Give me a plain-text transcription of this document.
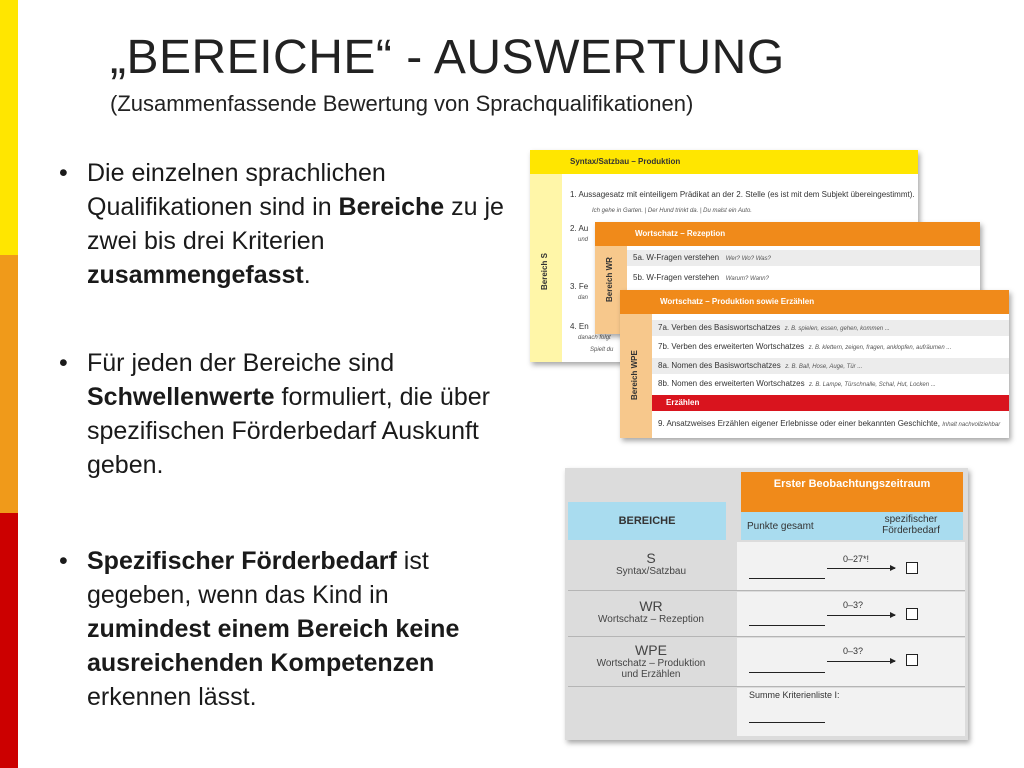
„BEREICHE“ - AUSWERTUNG
(Zusammenfassende Bewertung von Sprachqualifikationen)
• Die einzelnen sprachlichen Qualifikationen sind in Bereiche zu je zwei bis drei Kriterien zusammengefasst.
• Für jeden der Bereiche sind Schwellenwerte formuliert, die über spezifischen Förderbedarf Auskunft geben.
• Spezifischer Förderbedarf ist gegeben, wenn das Kind in zumindest einem Bereich keine ausreichenden Kompetenzen erkennen lässt.
Syntax/Satzbau – Produktion
Bereich S
1. Aussagesatz mit einteiligem Prädikat an der 2. Stelle (es ist mit dem Subjekt übereingestimmt).
Ich gehe in Garten. | Der Hund trinkt da. | Du malst ein Auto.
2. Au
und
3. Fe
dan
4. En
danach folgt
Spielt du
Wortschatz – Rezeption
Bereich WR	5a. W-Fragen verstehen Wer? Wo? Was?
5b. W-Fragen verstehen Warum? Wann?
Wortschatz – Produktion sowie Erzählen
Bereich WPE
7a. Verben des Basiswortschatzes z. B. spielen, essen, gehen, kommen ...
7b. Verben des erweiterten Wortschatzes z. B. klettern, zeigen, fragen, anklopfen, aufräumen ...
8a. Nomen des Basiswortschatzes z. B. Ball, Hose, Auge, Tür ...
8b. Nomen des erweiterten Wortschatzes z. B. Lampe, Türschnalle, Schal, Hut, Locken ...
Erzählen
9. Ansatzweises Erzählen eigener Erlebnisse oder einer bekannten Geschichte, Inhalt nachvollziehbar
Erster Beobachtungszeitraum
BEREICHE	Punkte gesamt
spezifischer Förderbedarf
S
Syntax/Satzbau
0–27*!
WR
Wortschatz – Rezeption
0–3?
WPE
Wortschatz – Produktion und Erzählen
0–3?
Summe Kriterienliste I:
